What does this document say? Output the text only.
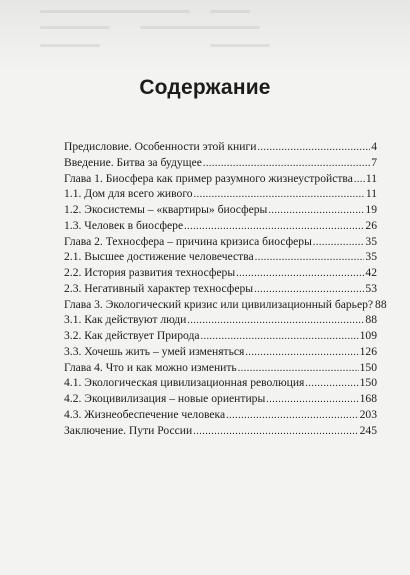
Содержание
Предисловие. Особенности этой книги .....	4
Введение. Битва за будущее .....	7
Глава 1. Биосфера как пример разумного жизнеустройства ..... 11
1.1. Дом для всего живого .....	11
1.2. Экосистемы – «квартиры» биосферы .....	19
1.3. Человек в биосфере .....	26
Глава 2. Техносфера – причина кризиса биосферы .....	35
2.1. Высшее достижение человечества .....	35
2.2. История развития техносферы .....	42
2.3. Негативный характер техносферы .....	53
Глава 3. Экологический кризис или цивилизационный барьер? 88
3.1. Как действуют люди .....	88
3.2. Как действует Природа .....	109
3.3. Хочешь жить – умей изменяться .....	126
Глава 4. Что и как можно изменить .....	150
4.1. Экологическая цивилизационная революция .....	150
4.2. Экоцивилизация – новые ориентиры .....	168
4.3. Жизнеобеспечение человека .....	203
Заключение. Пути России .....	245
